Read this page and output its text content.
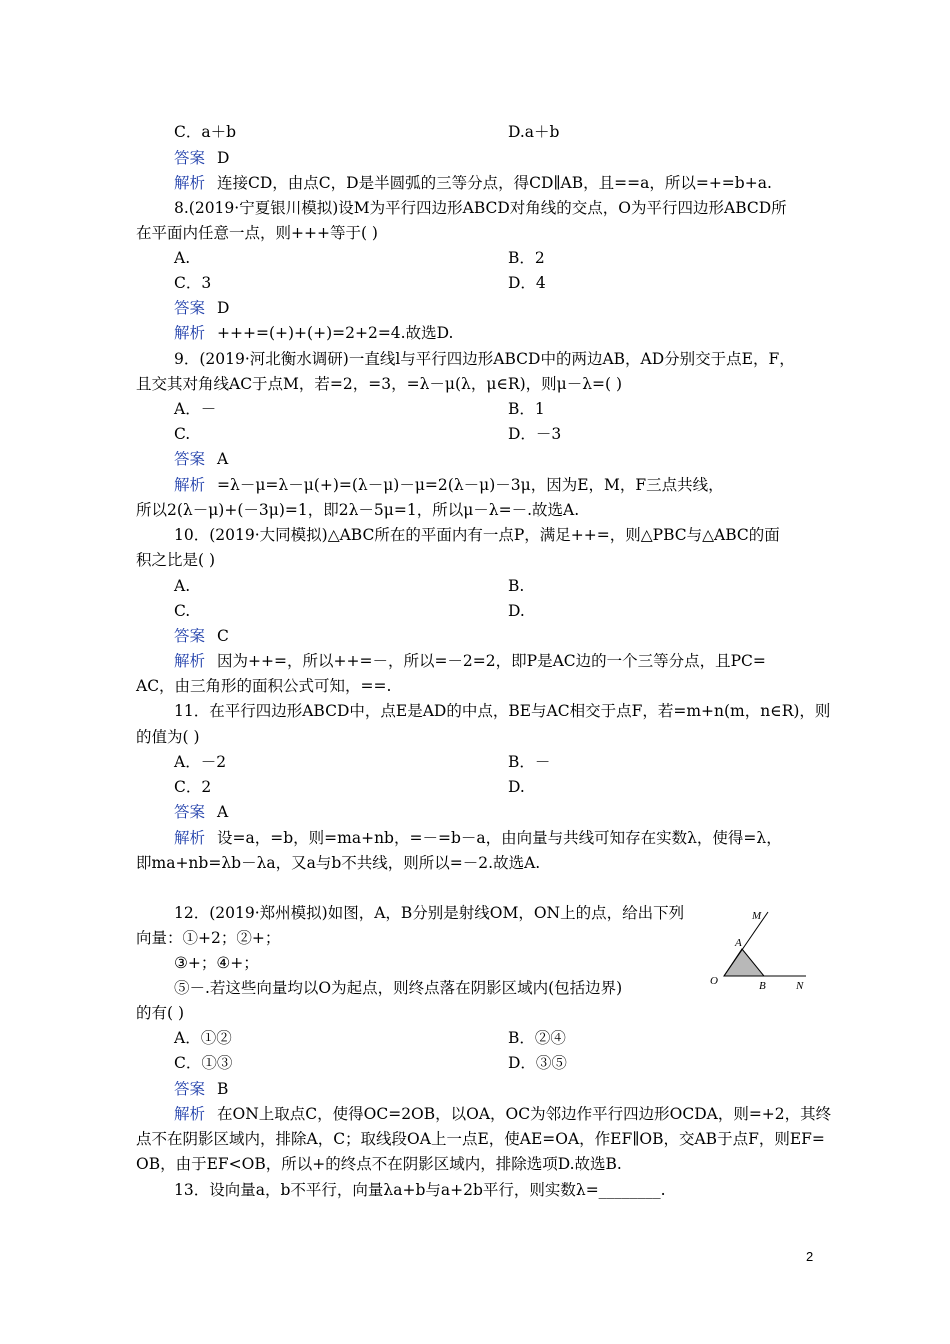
C．a＋b	D.a＋b
答案 D
解析 连接CD，由点C，D是半圆弧的三等分点，得CD∥AB，且==a，所以=+=b+a.
8.(2019·宁夏银川模拟)设M为平行四边形ABCD对角线的交点，O为平行四边形ABCD所
在平面内任意一点，则+++等于( )
A.	B．2
C．3	D．4
答案 D
解析 +++=(+)+(+)=2+2=4.故选D.
9．(2019·河北衡水调研)一直线l与平行四边形ABCD中的两边AB，AD分别交于点E，F，
且交其对角线AC于点M，若=2，=3，=λ－μ(λ，μ∈R)，则μ－λ=( )
A．－	B．1
C.	D．－3
答案 A
解析 =λ－μ=λ－μ(+)=(λ－μ)－μ=2(λ－μ)－3μ，因为E，M，F三点共线，
所以2(λ－μ)+(－3μ)=1，即2λ－5μ=1，所以μ－λ=－.故选A.
10．(2019·大同模拟)△ABC所在的平面内有一点P，满足++=，则△PBC与△ABC的面
积之比是( )
A.	B.
C.	D.
答案 C
解析 因为++=，所以++=－，所以=－2=2，即P是AC边的一个三等分点，且PC=
AC，由三角形的面积公式可知，==.
11．在平行四边形ABCD中，点E是AD的中点，BE与AC相交于点F，若=m+n(m，n∈R)，则
的值为( )
A．－2	B．－
C．2	D.
答案 A
解析 设=a，=b，则=ma+nb，=－=b－a，由向量与共线可知存在实数λ，使得=λ，
即ma+nb=λb－λa，又a与b不共线，则所以=－2.故选A.
12．(2019·郑州模拟)如图，A，B分别是射线OM，ON上的点，给出下列
向量：①+2；②+；
③+；④+；
⑤－.若这些向量均以O为起点，则终点落在阴影区域内(包括边界)
的有( )
A．①②	B．②④
C．①③	D．③⑤
答案 B
解析 在ON上取点C，使得OC=2OB，以OA，OC为邻边作平行四边形OCDA，则=+2，其终
点不在阴影区域内，排除A，C；取线段OA上一点E，使AE=OA，作EF∥OB，交AB于点F，则EF=
OB，由于EF<OB，所以+的终点不在阴影区域内，排除选项D.故选B.
13．设向量a，b不平行，向量λa+b与a+2b平行，则实数λ=________.
M
A
O	B	N
2
